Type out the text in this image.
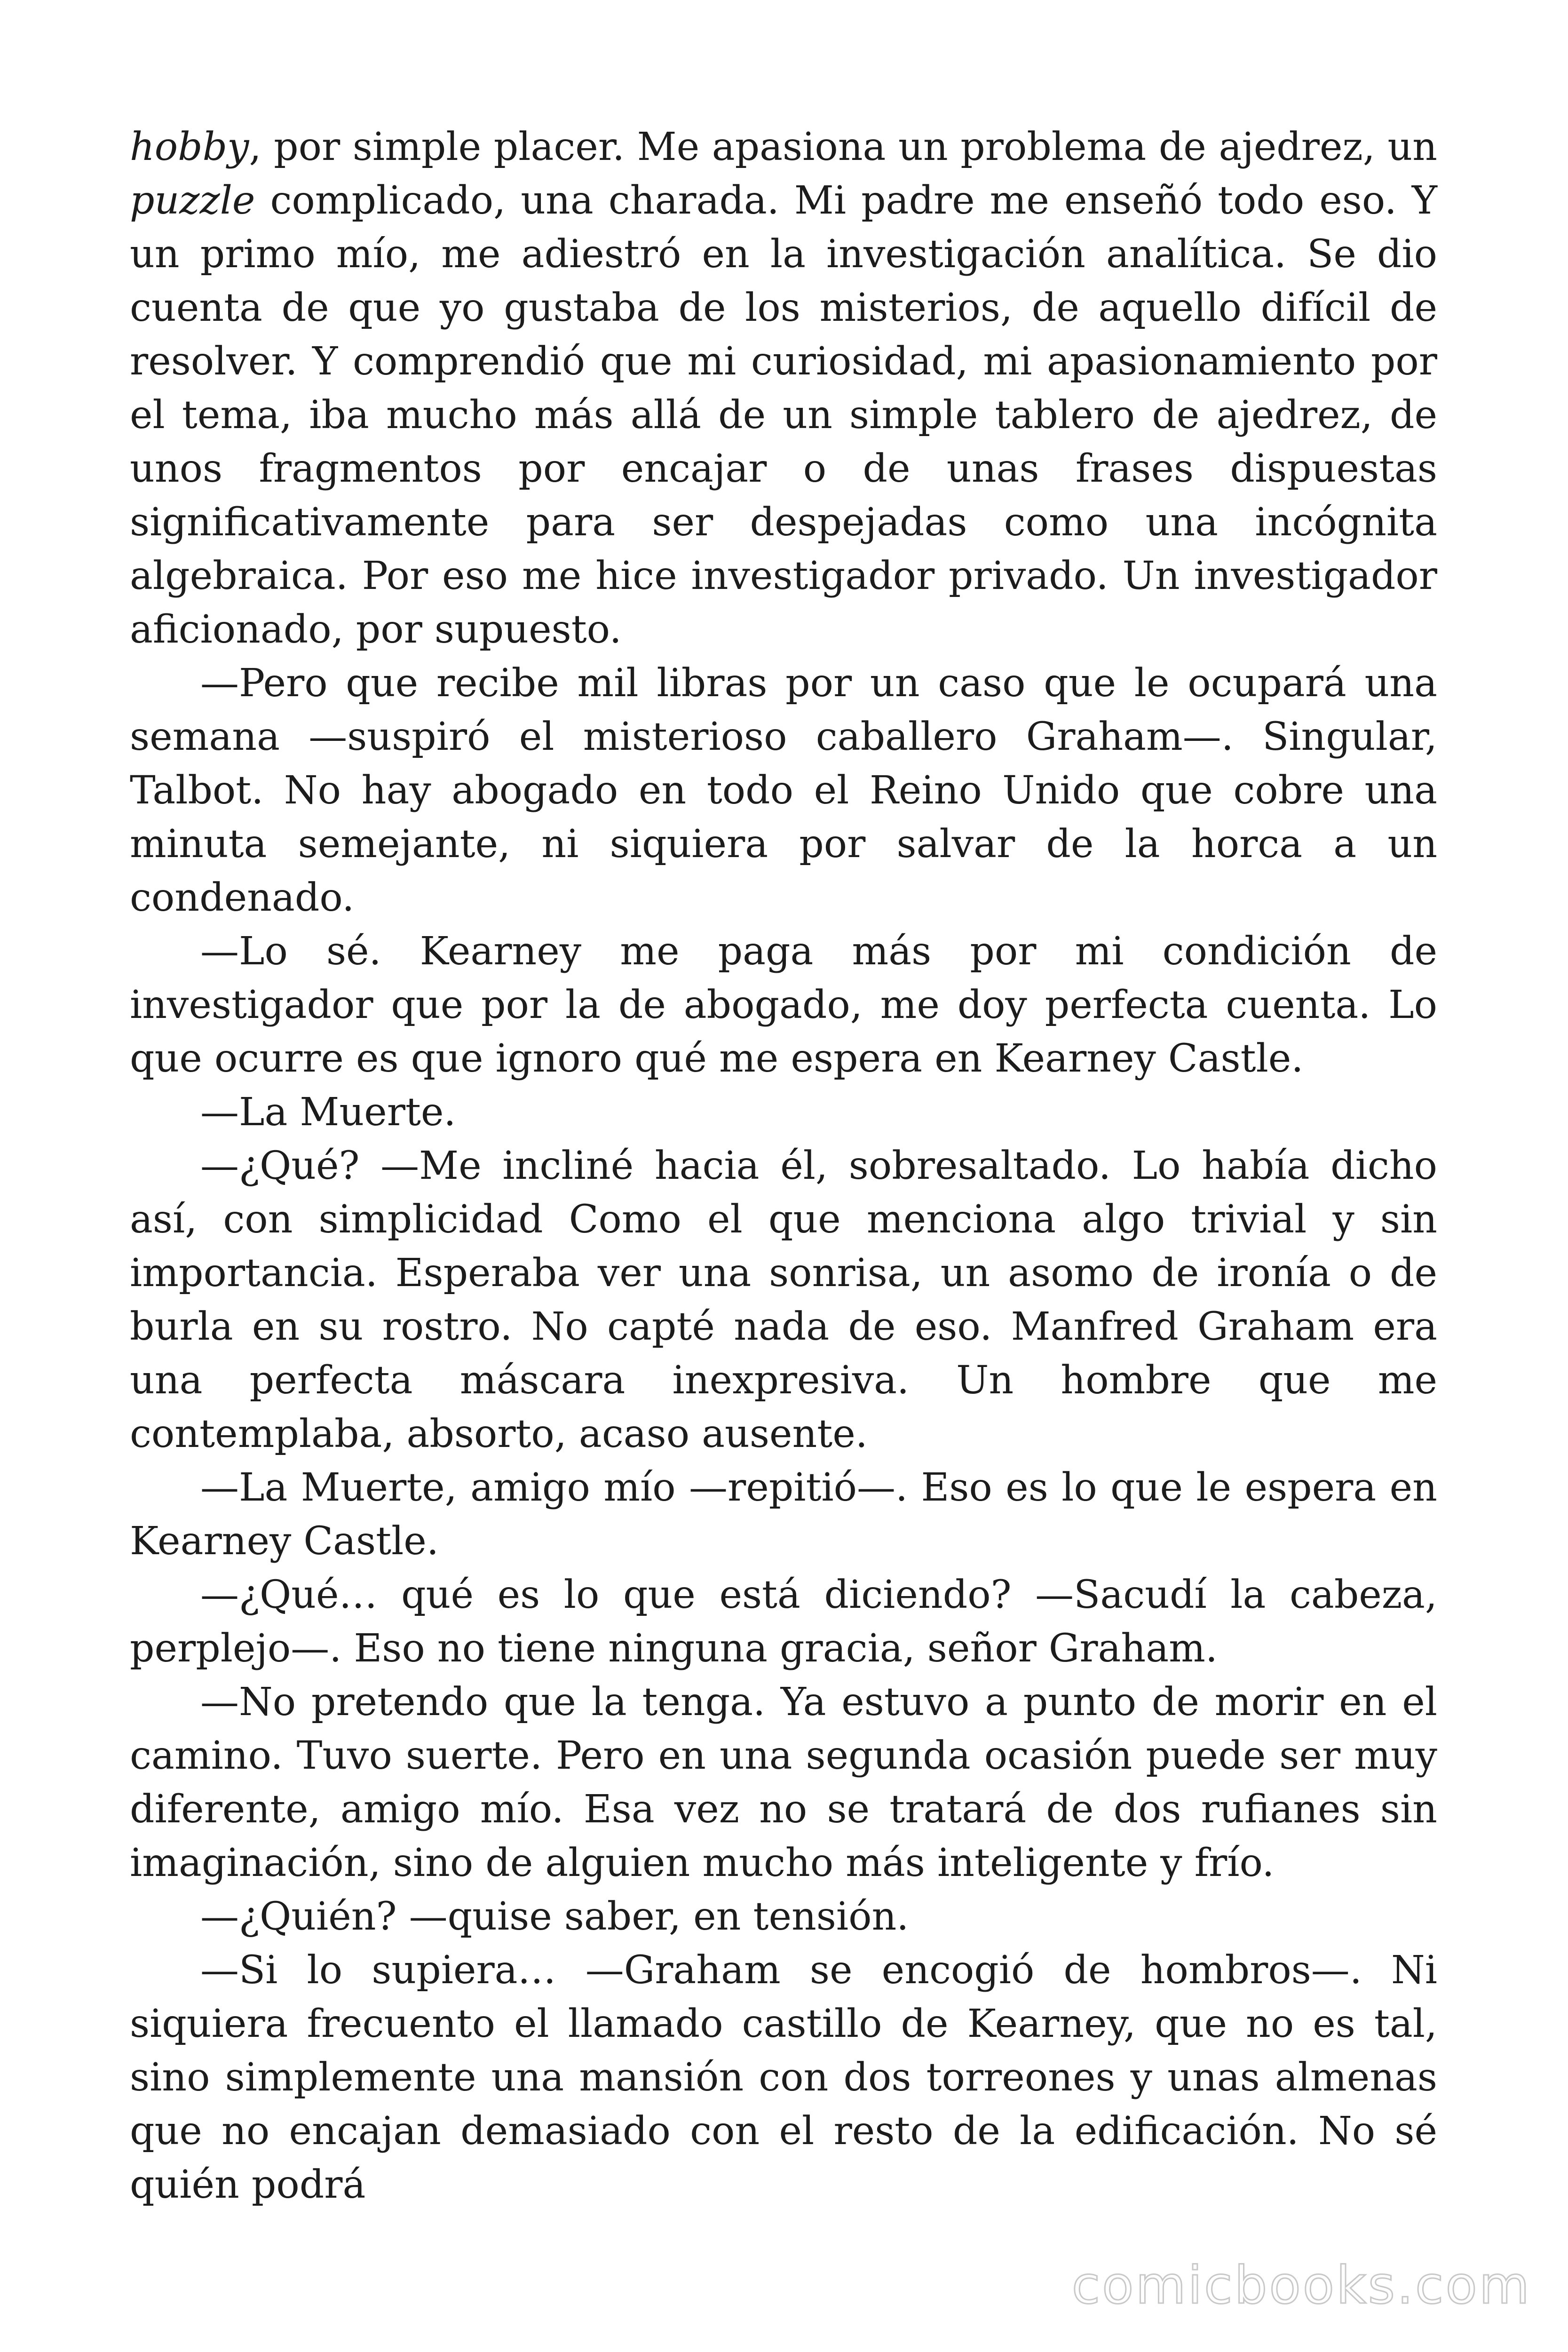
hobby, por simple placer. Me apasiona un problema de ajedrez, un puzzle complicado, una charada. Mi padre me enseñó todo eso. Y un primo mío, me adiestró en la investigación analítica. Se dio cuenta de que yo gustaba de los misterios, de aquello difícil de resolver. Y comprendió que mi curiosidad, mi apasionamiento por el tema, iba mucho más allá de un simple tablero de ajedrez, de unos fragmentos por encajar o de unas frases dispuestas significativamente para ser despejadas como una incógnita algebraica. Por eso me hice investigador privado. Un investigador aficionado, por supuesto.

—Pero que recibe mil libras por un caso que le ocupará una semana —suspiró el misterioso caballero Graham—. Singular, Talbot. No hay abogado en todo el Reino Unido que cobre una minuta semejante, ni siquiera por salvar de la horca a un condenado.

—Lo sé. Kearney me paga más por mi condición de investigador que por la de abogado, me doy perfecta cuenta. Lo que ocurre es que ignoro qué me espera en Kearney Castle.

—La Muerte.

—¿Qué? —Me incliné hacia él, sobresaltado. Lo había dicho así, con simplicidad Como el que menciona algo trivial y sin importancia. Esperaba ver una sonrisa, un asomo de ironía o de burla en su rostro. No capté nada de eso. Manfred Graham era una perfecta máscara inexpresiva. Un hombre que me contemplaba, absorto, acaso ausente.

—La Muerte, amigo mío —repitió—. Eso es lo que le espera en Kearney Castle.

—¿Qué… qué es lo que está diciendo? —Sacudí la cabeza, perplejo—. Eso no tiene ninguna gracia, señor Graham.

—No pretendo que la tenga. Ya estuvo a punto de morir en el camino. Tuvo suerte. Pero en una segunda ocasión puede ser muy diferente, amigo mío. Esa vez no se tratará de dos rufianes sin imaginación, sino de alguien mucho más inteligente y frío.

—¿Quién? —quise saber, en tensión.

—Si lo supiera… —Graham se encogió de hombros—. Ni siquiera frecuento el llamado castillo de Kearney, que no es tal, sino simplemente una mansión con dos torreones y unas almenas que no encajan demasiado con el resto de la edificación. No sé quién podrá

comicbooks.com
